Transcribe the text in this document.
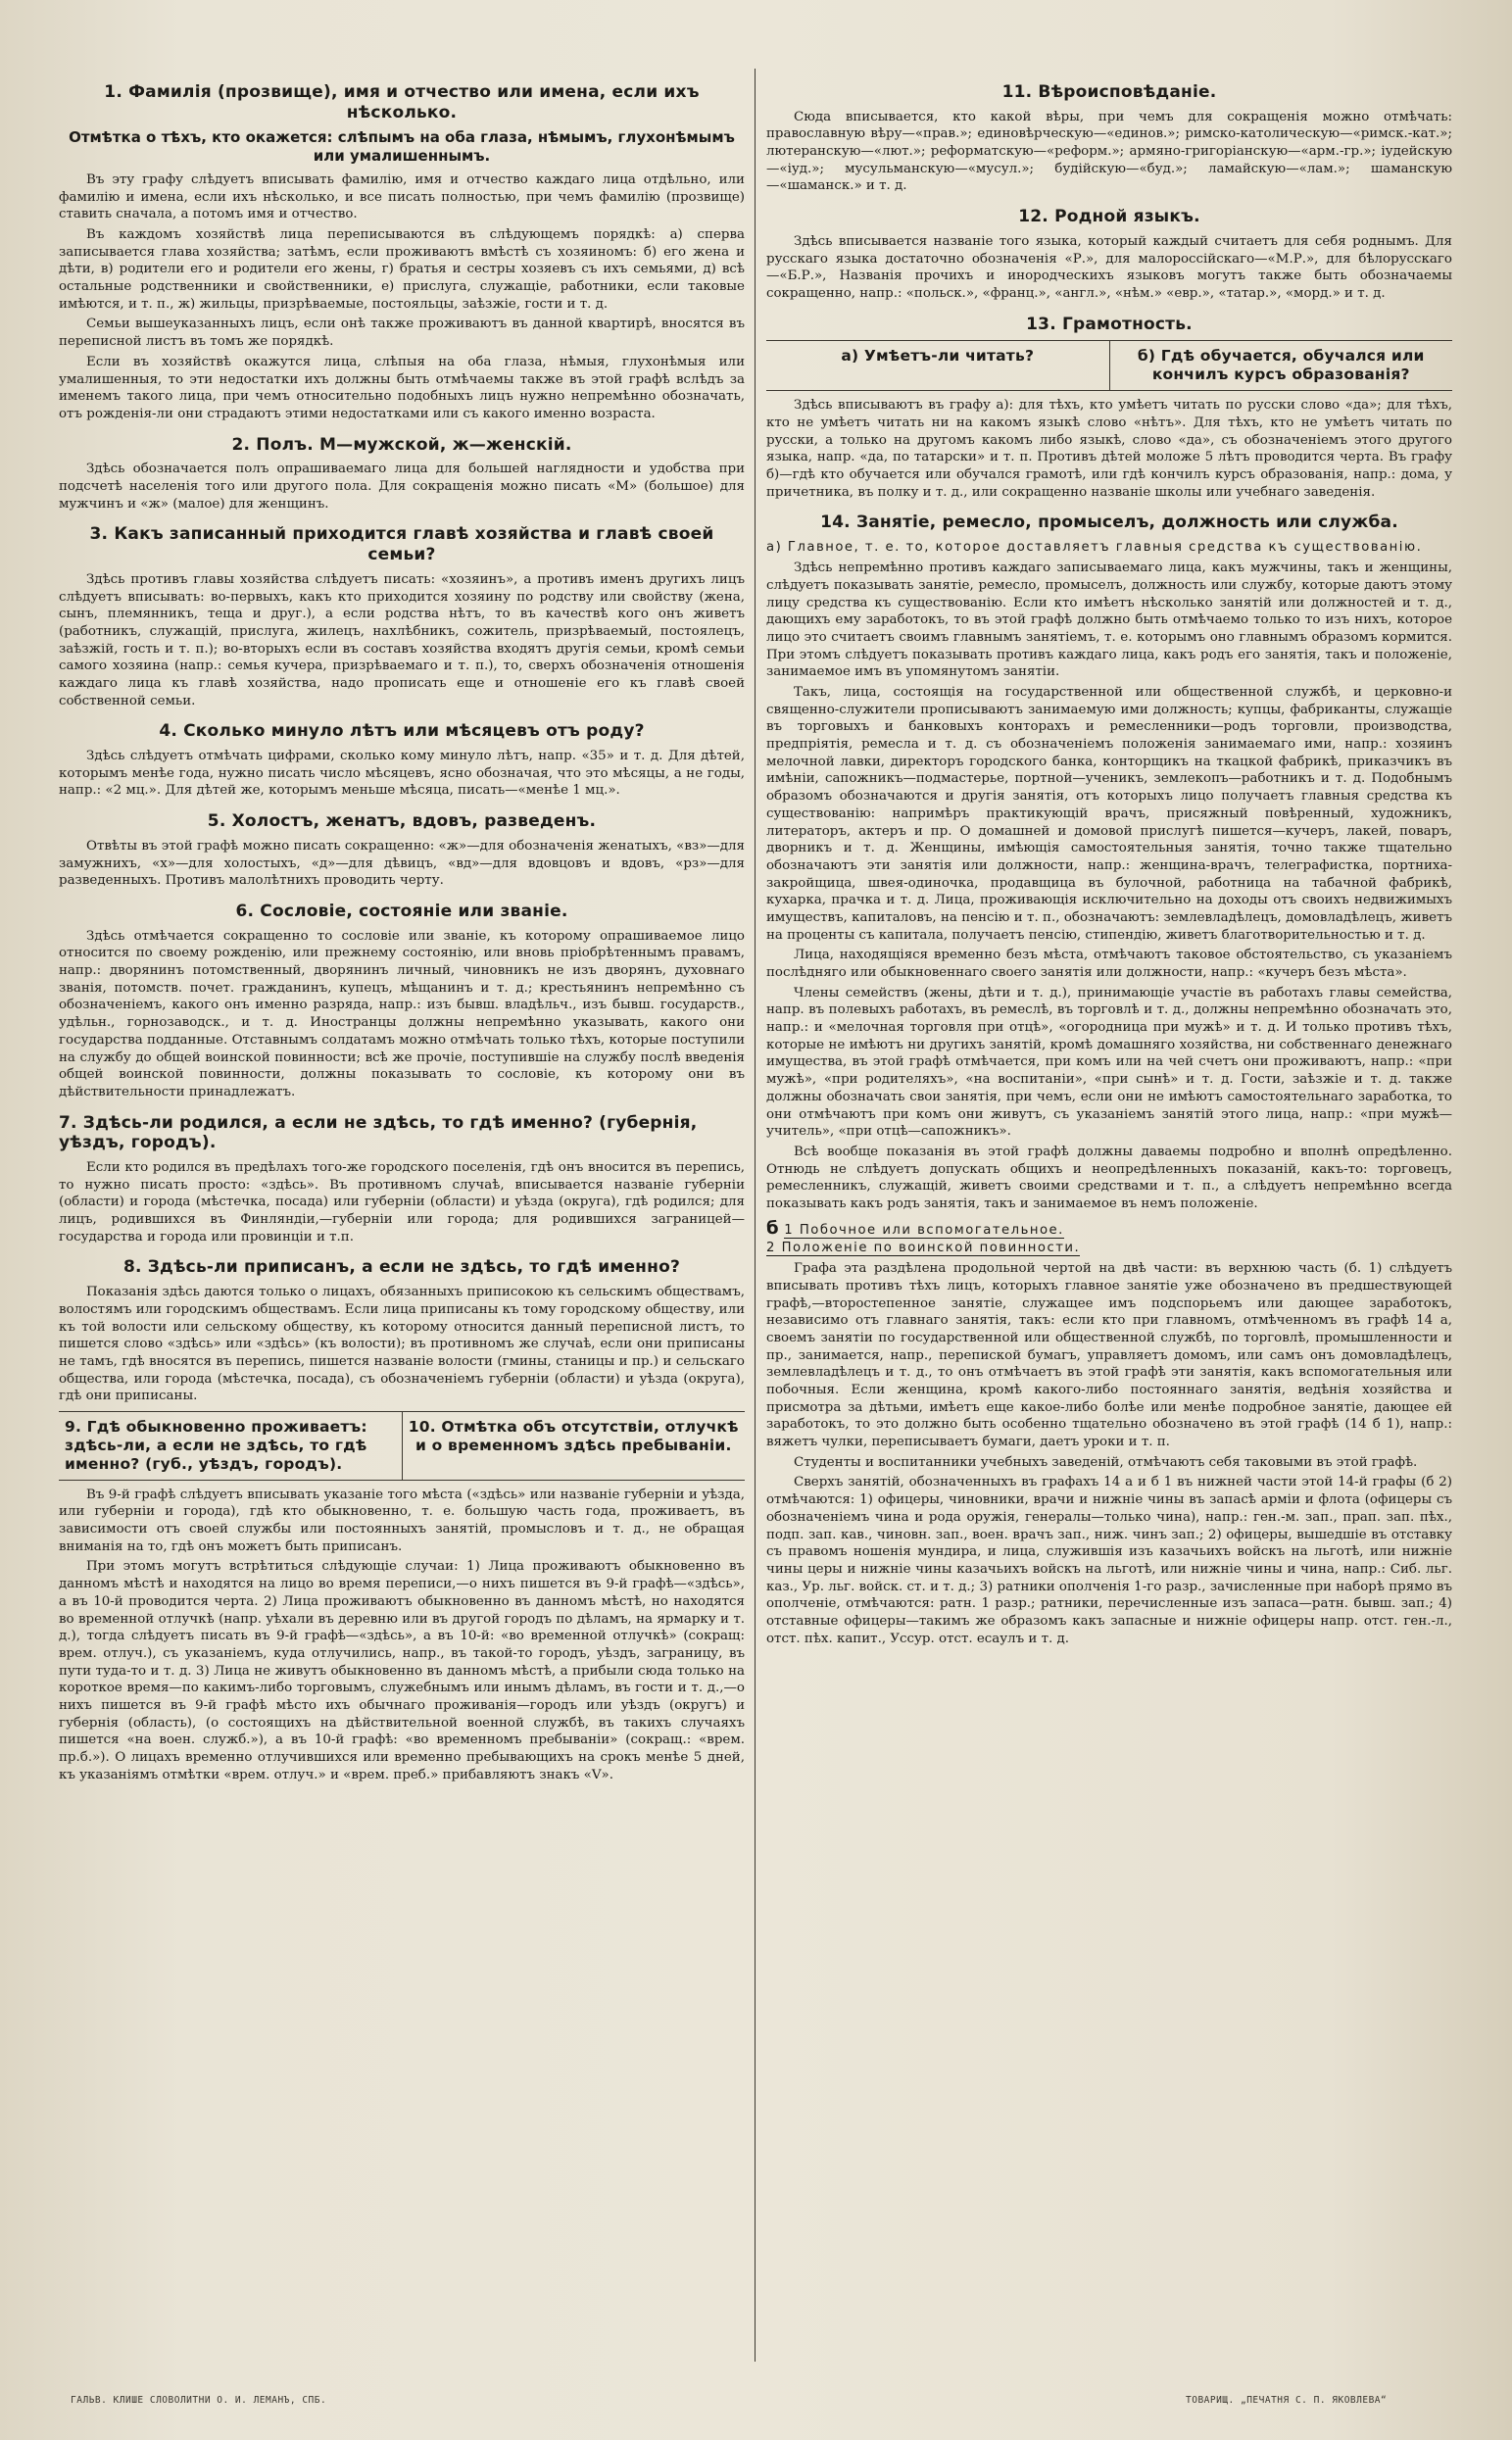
1. Фамилія (прозвище), имя и отчество или имена, если ихъ нѣсколько.
Отмѣтка о тѣхъ, кто окажется: слѣпымъ на оба глаза, нѣмымъ, глухонѣмымъ или умалишеннымъ.

Въ эту графу слѣдуетъ вписывать фамилію, имя и отчество каждаго лица отдѣльно, или фамилію и имена, если ихъ нѣсколько, и все писать полностью, при чемъ фамилію (прозвище) ставить сначала, а потомъ имя и отчество.

Въ каждомъ хозяйствѣ лица переписываются въ слѣдующемъ порядкѣ: а) сперва записывается глава хозяйства; затѣмъ, если проживаютъ вмѣстѣ съ хозяиномъ: б) его жена и дѣти, в) родители его и родители его жены, г) братья и сестры хозяевъ съ ихъ семьями, д) всѣ остальные родственники и свойственники, е) прислуга, служащіе, работники, если таковые имѣются, и т. п., ж) жильцы, призрѣваемые, постояльцы, заѣзжіе, гости и т. д.

Семьи вышеуказанныхъ лицъ, если онѣ также проживаютъ въ данной квартирѣ, вносятся въ переписной листъ въ томъ же порядкѣ.

Если въ хозяйствѣ окажутся лица, слѣпыя на оба глаза, нѣмыя, глухонѣмыя или умалишенныя, то эти недостатки ихъ должны быть отмѣчаемы также въ этой графѣ вслѣдъ за именемъ такого лица, при чемъ относительно подобныхъ лицъ нужно непремѣнно обозначать, отъ рожденія-ли они страдаютъ этими недостатками или съ какого именно возраста.

2. Полъ. М—мужской, ж—женскій.

Здѣсь обозначается полъ опрашиваемаго лица для большей наглядности и удобства при подсчетѣ населенія того или другого пола. Для сокращенія можно писать «М» (большое) для мужчинъ и «ж» (малое) для женщинъ.

3. Какъ записанный приходится главѣ хозяйства и главѣ своей семьи?

Здѣсь противъ главы хозяйства слѣдуетъ писать: «хозяинъ», а противъ именъ другихъ лицъ слѣдуетъ вписывать: во-первыхъ, какъ кто приходится хозяину по родству или свойству (жена, сынъ, племянникъ, теща и друг.), а если родства нѣтъ, то въ качествѣ кого онъ живетъ (работникъ, служащій, прислуга, жилецъ, нахлѣбникъ, сожитель, призрѣваемый, постоялецъ, заѣзжій, гость и т. п.); во-вторыхъ если въ составъ хозяйства входятъ другія семьи, кромѣ семьи самого хозяина (напр.: семья кучера, призрѣваемаго и т. п.), то, сверхъ обозначенія отношенія каждаго лица къ главѣ хозяйства, надо прописать еще и отношеніе его къ главѣ своей собственной семьи.

4. Сколько минуло лѣтъ или мѣсяцевъ отъ роду?

Здѣсь слѣдуетъ отмѣчать цифрами, сколько кому минуло лѣтъ, напр. «35» и т. д. Для дѣтей, которымъ менѣе года, нужно писать число мѣсяцевъ, ясно обозначая, что это мѣсяцы, а не годы, напр.: «2 мц.». Для дѣтей же, которымъ меньше мѣсяца, писать—«менѣе 1 мц.».

5. Холостъ, женатъ, вдовъ, разведенъ.

Отвѣты въ этой графѣ можно писать сокращенно: «ж»—для обозначенія женатыхъ, «вз»—для замужнихъ, «х»—для холостыхъ, «д»—для дѣвицъ, «вд»—для вдовцовъ и вдовъ, «рз»—для разведенныхъ. Противъ малолѣтнихъ проводить черту.

6. Сословіе, состояніе или званіе.

Здѣсь отмѣчается сокращенно то сословіе или званіе, къ которому опрашиваемое лицо относится по своему рожденію, или прежнему состоянію, или вновь пріобрѣтеннымъ правамъ, напр.: дворянинъ потомственный, дворянинъ личный, чиновникъ не изъ дворянъ, духовнаго званія, потомств. почет. гражданинъ, купецъ, мѣщанинъ и т. д.; крестьянинъ непремѣнно съ обозначеніемъ, какого онъ именно разряда, напр.: изъ бывш. владѣльч., изъ бывш. государств., удѣльн., горнозаводск., и т. д. Иностранцы должны непремѣнно указывать, какого они государства подданные. Отставнымъ солдатамъ можно отмѣчать только тѣхъ, которые поступили на службу до общей воинской повинности; всѣ же прочіе, поступившіе на службу послѣ введенія общей воинской повинности, должны показывать то сословіе, къ которому они въ дѣйствительности принадлежатъ.

7. Здѣсь-ли родился, а если не здѣсь, то гдѣ именно? (губернія, уѣздъ, городъ).

Если кто родился въ предѣлахъ того-же городского поселенія, гдѣ онъ вносится въ перепись, то нужно писать просто: «здѣсь». Въ противномъ случаѣ, вписывается названіе губерніи (области) и города (мѣстечка, посада) или губерніи (области) и уѣзда (округа), гдѣ родился; для лицъ, родившихся въ Финляндіи,—губерніи или города; для родившихся заграницей—государства и города или провинціи и т.п.

8. Здѣсь-ли приписанъ, а если не здѣсь, то гдѣ именно?

Показанія здѣсь даются только о лицахъ, обязанныхъ приписокою къ сельскимъ обществамъ, волостямъ или городскимъ обществамъ. Если лица приписаны къ тому городскому обществу, или къ той волости или сельскому обществу, къ которому относится данный переписной листъ, то пишется слово «здѣсь» или «здѣсь» (къ волости); въ противномъ же случаѣ, если они приписаны не тамъ, гдѣ вносятся въ перепись, пишется названіе волости (гмины, станицы и пр.) и сельскаго общества, или города (мѣстечка, посада), съ обозначеніемъ губерніи (области) и уѣзда (округа), гдѣ они приписаны.

9. Гдѣ обыкновенно проживаетъ: здѣсь-ли, а если не здѣсь, то гдѣ именно? (губ., уѣздъ, городъ).
10. Отмѣтка объ отсутствіи, отлучкѣ и о временномъ здѣсь пребываніи.

Въ 9-й графѣ слѣдуетъ вписывать указаніе того мѣста («здѣсь» или названіе губерніи и уѣзда, или губерніи и города), гдѣ кто обыкновенно, т. е. большую часть года, проживаетъ, въ зависимости отъ своей службы или постоянныхъ занятій, промысловъ и т. д., не обращая вниманія на то, гдѣ онъ можетъ быть приписанъ.

При этомъ могутъ встрѣтиться слѣдующіе случаи: 1) Лица проживаютъ обыкновенно въ данномъ мѣстѣ и находятся на лицо во время переписи,—о нихъ пишется въ 9-й графѣ—«здѣсь», а въ 10-й проводится черта. 2) Лица проживаютъ обыкновенно въ данномъ мѣстѣ, но находятся во временной отлучкѣ (напр. уѣхали въ деревню или въ другой городъ по дѣламъ, на ярмарку и т. д.), тогда слѣдуетъ писать въ 9-й графѣ—«здѣсь», а въ 10-й: «во временной отлучкѣ» (сокращ: врем. отлуч.), съ указаніемъ, куда отлучились, напр., въ такой-то городъ, уѣздъ, заграницу, въ пути туда-то и т. д. 3) Лица не живутъ обыкновенно въ данномъ мѣстѣ, а прибыли сюда только на короткое время—по какимъ-либо торговымъ, служебнымъ или инымъ дѣламъ, въ гости и т. д.,—о нихъ пишется въ 9-й графѣ мѣсто ихъ обычнаго проживанія—городъ или уѣздъ (округъ) и губернія (область), (о состоящихъ на дѣйствительной военной службѣ, въ такихъ случаяхъ пишется «на воен. служб.»), а въ 10-й графѣ: «во временномъ пребываніи» (сокращ.: «врем. пр.б.»). О лицахъ временно отлучившихся или временно пребывающихъ на срокъ менѣе 5 дней, къ указаніямъ отмѣтки «врем. отлуч.» и «врем. преб.» прибавляютъ знакъ «V».

11. Вѣроисповѣданіе.

Сюда вписывается, кто какой вѣры, при чемъ для сокращенія можно отмѣчать: православную вѣру—«прав.»; единовѣрческую—«единов.»; римско-католическую—«римск.-кат.»; лютеранскую—«лют.»; реформатскую—«реформ.»; армяно-григоріанскую—«арм.-гр.»; іудейскую—«іуд.»; мусульманскую—«мусул.»; будійскую—«буд.»; ламайскую—«лам.»; шаманскую—«шаманск.» и т. д.

12. Родной языкъ.

Здѣсь вписывается названіе того языка, который каждый считаетъ для себя роднымъ. Для русскаго языка достаточно обозначенія «Р.», для малороссійскаго—«М.Р.», для бѣлорусскаго—«Б.Р.», Названія прочихъ и инородческихъ языковъ могутъ также быть обозначаемы сокращенно, напр.: «польск.», «франц.», «англ.», «нѣм.» «евр.», «татар.», «морд.» и т. д.

13. Грамотность.
а) Умѣетъ-ли читать?	б) Гдѣ обучается, обучался или кончилъ курсъ образованія?

Здѣсь вписываютъ въ графу а): для тѣхъ, кто умѣетъ читать по русски слово «да»; для тѣхъ, кто не умѣетъ читать ни на какомъ языкѣ слово «нѣтъ». Для тѣхъ, кто не умѣетъ читать по русски, а только на другомъ какомъ либо языкѣ, слово «да», съ обозначеніемъ этого другого языка, напр. «да, по татарски» и т. п. Противъ дѣтей моложе 5 лѣтъ проводится черта. Въ графу б)—гдѣ кто обучается или обучался грамотѣ, или гдѣ кончилъ курсъ образованія, напр.: дома, у причетника, въ полку и т. д., или сокращенно названіе школы или учебнаго заведенія.

14. Занятіе, ремесло, промыселъ, должность или служба.
а) Главное, т. е. то, которое доставляетъ главныя средства къ существованію.

Здѣсь непремѣнно противъ каждаго записываемаго лица, какъ мужчины, такъ и женщины, слѣдуетъ показывать занятіе, ремесло, промыселъ, должность или службу, которые даютъ этому лицу средства къ существованію. Если кто имѣетъ нѣсколько занятій или должностей и т. д., дающихъ ему заработокъ, то въ этой графѣ должно быть отмѣчаемо только то изъ нихъ, которое лицо это считаетъ своимъ главнымъ занятіемъ, т. е. которымъ оно главнымъ образомъ кормится. При этомъ слѣдуетъ показывать противъ каждаго лица, какъ родъ его занятія, такъ и положеніе, занимаемое имъ въ упомянутомъ занятіи.

Такъ, лица, состоящія на государственной или общественной службѣ, и церковно-и священно-служители прописываютъ занимаемую ими должность; купцы, фабриканты, служащіе въ торговыхъ и банковыхъ конторахъ и ремесленники—родъ торговли, производства, предпріятія, ремесла и т. д. съ обозначеніемъ положенія занимаемаго ими, напр.: хозяинъ мелочной лавки, директоръ городского банка, конторщикъ на ткацкой фабрикѣ, приказчикъ въ имѣніи, сапожникъ—подмастерье, портной—ученикъ, землекопъ—работникъ и т. д. Подобнымъ образомъ обозначаются и другія занятія, отъ которыхъ лицо получаетъ главныя средства къ существованію: напримѣръ практикующій врачъ, присяжный повѣренный, художникъ, литераторъ, актеръ и пр. О домашней и домовой прислугѣ пишется—кучеръ, лакей, поваръ, дворникъ и т. д. Женщины, имѣющія самостоятельныя занятія, точно также тщательно обозначаютъ эти занятія или должности, напр.: женщина-врачъ, телеграфистка, портниха-закройщица, швея-одиночка, продавщица въ булочной, работница на табачной фабрикѣ, кухарка, прачка и т. д. Лица, проживающія исключительно на доходы отъ своихъ недвижимыхъ имуществъ, капиталовъ, на пенсію и т. п., обозначаютъ: землевладѣлецъ, домовладѣлецъ, живетъ на проценты съ капитала, получаетъ пенсію, стипендію, живетъ благотворительностью и т. д.

Лица, находящіяся временно безъ мѣста, отмѣчаютъ таковое обстоятельство, съ указаніемъ послѣдняго или обыкновеннаго своего занятія или должности, напр.: «кучеръ безъ мѣста».

Члены семействъ (жены, дѣти и т. д.), принимающіе участіе въ работахъ главы семейства, напр. въ полевыхъ работахъ, въ ремеслѣ, въ торговлѣ и т. д., должны непремѣнно обозначать это, напр.: и «мелочная торговля при отцѣ», «огородница при мужѣ» и т. д. И только противъ тѣхъ, которые не имѣютъ ни другихъ занятій, кромѣ домашняго хозяйства, ни собственнаго денежнаго имущества, въ этой графѣ отмѣчается, при комъ или на чей счетъ они проживаютъ, напр.: «при мужѣ», «при родителяхъ», «на воспитаніи», «при сынѣ» и т. д. Гости, заѣзжіе и т. д. также должны обозначать свои занятія, при чемъ, если они не имѣютъ самостоятельнаго заработка, то они отмѣчаютъ при комъ они живутъ, съ указаніемъ занятій этого лица, напр.: «при мужѣ—учитель», «при отцѣ—сапожникъ».

Всѣ вообще показанія въ этой графѣ должны даваемы подробно и вполнѣ опредѣленно. Отнюдь не слѣдуетъ допускать общихъ и неопредѣленныхъ показаній, какъ-то: торговецъ, ремесленникъ, служащій, живетъ своими средствами и т. п., а слѣдуетъ непремѣнно всегда показывать какъ родъ занятія, такъ и занимаемое въ немъ положеніе.

б 1 Побочное или вспомогательное.
2 Положеніе по воинской повинности.

Графа эта раздѣлена продольной чертой на двѣ части: въ верхнюю часть (б. 1) слѣдуетъ вписывать противъ тѣхъ лицъ, которыхъ главное занятіе уже обозначено въ предшествующей графѣ,—второстепенное занятіе, служащее имъ подспорьемъ или дающее заработокъ, независимо отъ главнаго занятія, такъ: если кто при главномъ, отмѣченномъ въ графѣ 14 а, своемъ занятіи по государственной или общественной службѣ, по торговлѣ, промышленности и пр., занимается, напр., перепиской бумагъ, управляетъ домомъ, или самъ онъ домовладѣлецъ, землевладѣлецъ и т. д., то онъ отмѣчаетъ въ этой графѣ эти занятія, какъ вспомогательныя или побочныя. Если женщина, кромѣ какого-либо постояннаго занятія, ведѣнія хозяйства и присмотра за дѣтьми, имѣетъ еще какое-либо болѣе или менѣе подробное занятіе, дающее ей заработокъ, то это должно быть особенно тщательно обозначено въ этой графѣ (14 б 1), напр.: вяжетъ чулки, переписываетъ бумаги, даетъ уроки и т. п.

Студенты и воспитанники учебныхъ заведеній, отмѣчаютъ себя таковыми въ этой графѣ.

Сверхъ занятій, обозначенныхъ въ графахъ 14 а и б 1 въ нижней части этой 14-й графы (б 2) отмѣчаются: 1) офицеры, чиновники, врачи и нижніе чины въ запасѣ арміи и флота (офицеры съ обозначеніемъ чина и рода оружія, генералы—только чина), напр.: ген.-м. зап., прап. зап. пѣх., подп. зап. кав., чиновн. зап., воен. врачъ зап., ниж. чинъ зап.; 2) офицеры, вышедшіе въ отставку съ правомъ ношенія мундира, и лица, служившія изъ казачьихъ войскъ на льготѣ, или нижніе чины церы и нижніе чины казачьихъ войскъ на льготѣ, или нижніе чины и чина, напр.: Сиб. льг. каз., Ур. льг. войск. ст. и т. д.; 3) ратники ополченія 1-го разр., зачисленные при наборѣ прямо въ ополченіе, отмѣчаются: ратн. 1 разр.; ратники, перечисленные изъ запаса—ратн. бывш. зап.; 4) отставные офицеры—такимъ же образомъ какъ запасные и нижніе офицеры напр. отст. ген.-л., отст. пѣх. капит., Уссур. отст. есаулъ и т. д.

ГАЛЬВ. КЛИШЕ СЛОВОЛИТНИ О. И. ЛЕМАНЪ, СПБ.	ТОВАРИЩ. „ПЕЧАТНЯ С. П. ЯКОВЛЕВА“
